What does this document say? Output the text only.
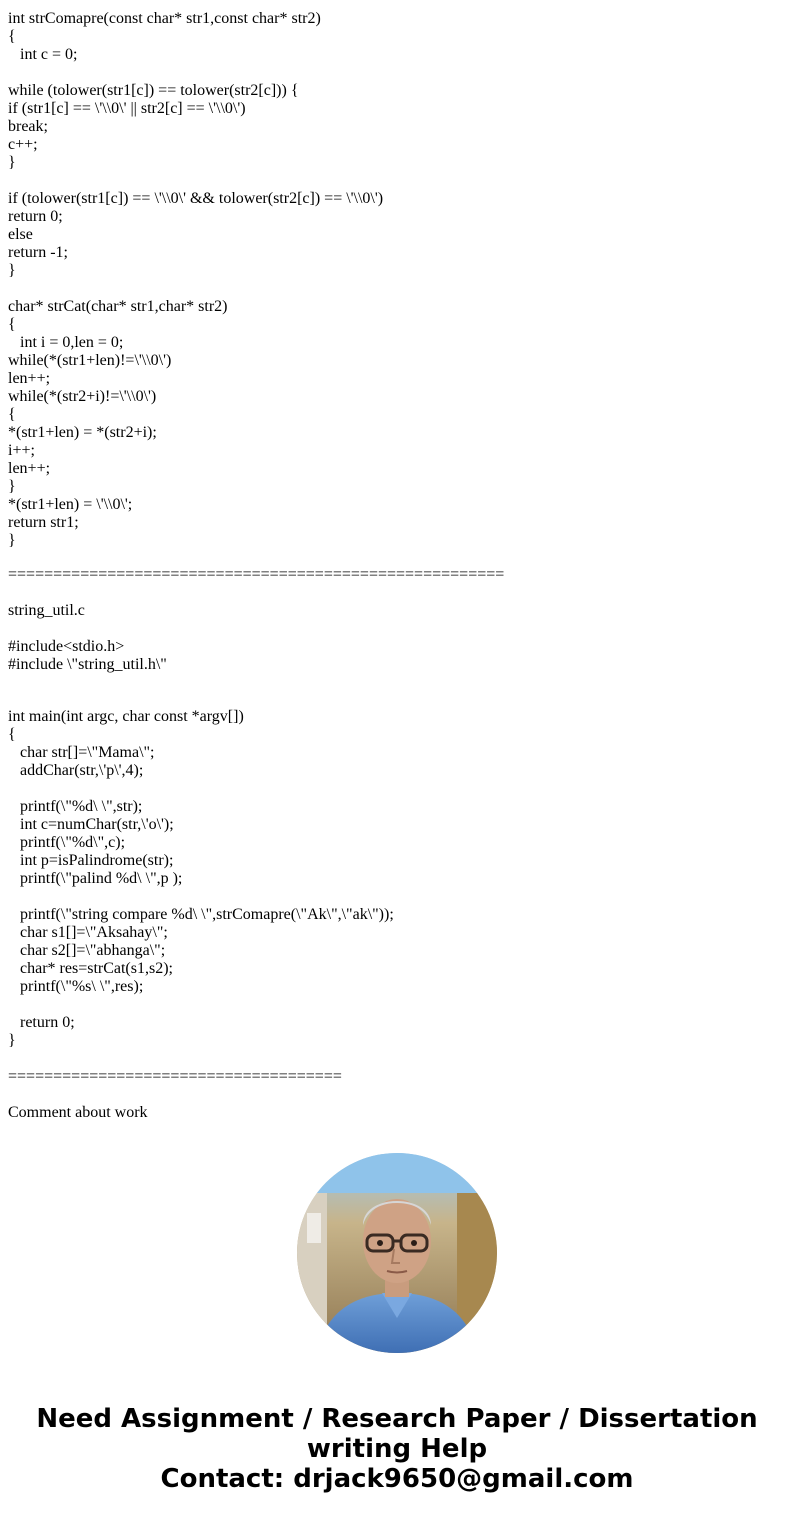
int strComapre(const char* str1,const char* str2)
{
int c = 0;

while (tolower(str1[c]) == tolower(str2[c])) {
if (str1[c] == \'\\0\' || str2[c] == \'\\0\')
break;
c++;
}

if (tolower(str1[c]) == \'\\0\' && tolower(str2[c]) == \'\\0\')
return 0;
else
return -1;
}

char* strCat(char* str1,char* str2)
{
int i = 0,len = 0;
while(*(str1+len)!=\'\\0\')
len++;
while(*(str2+i)!=\'\\0\')
{
*(str1+len) = *(str2+i);
i++;
len++;
}
*(str1+len) = \'\\0\';
return str1;
}
=======================================================
string_util.c
#include<stdio.h>
#include \"string_util.h\"
int main(int argc, char const *argv[])
{
char str[]=\"Mama\";
addChar(str,\'p\',4);

printf(\"%d\ \",str);
int c=numChar(str,\'o\');
printf(\"%d\",c);
int p=isPalindrome(str);
printf(\"palind %d\ \",p );

printf(\"string compare %d\ \",strComapre(\"Ak\",\"ak\"));
char s1[]=\"Aksahay\";
char s2[]=\"abhanga\";
char* res=strCat(s1,s2);
printf(\"%s\ \",res);

return 0;
}
=====================================
Comment about work
Need Assignment / Research Paper / Dissertation
writing Help
Contact: drjack9650@gmail.com
